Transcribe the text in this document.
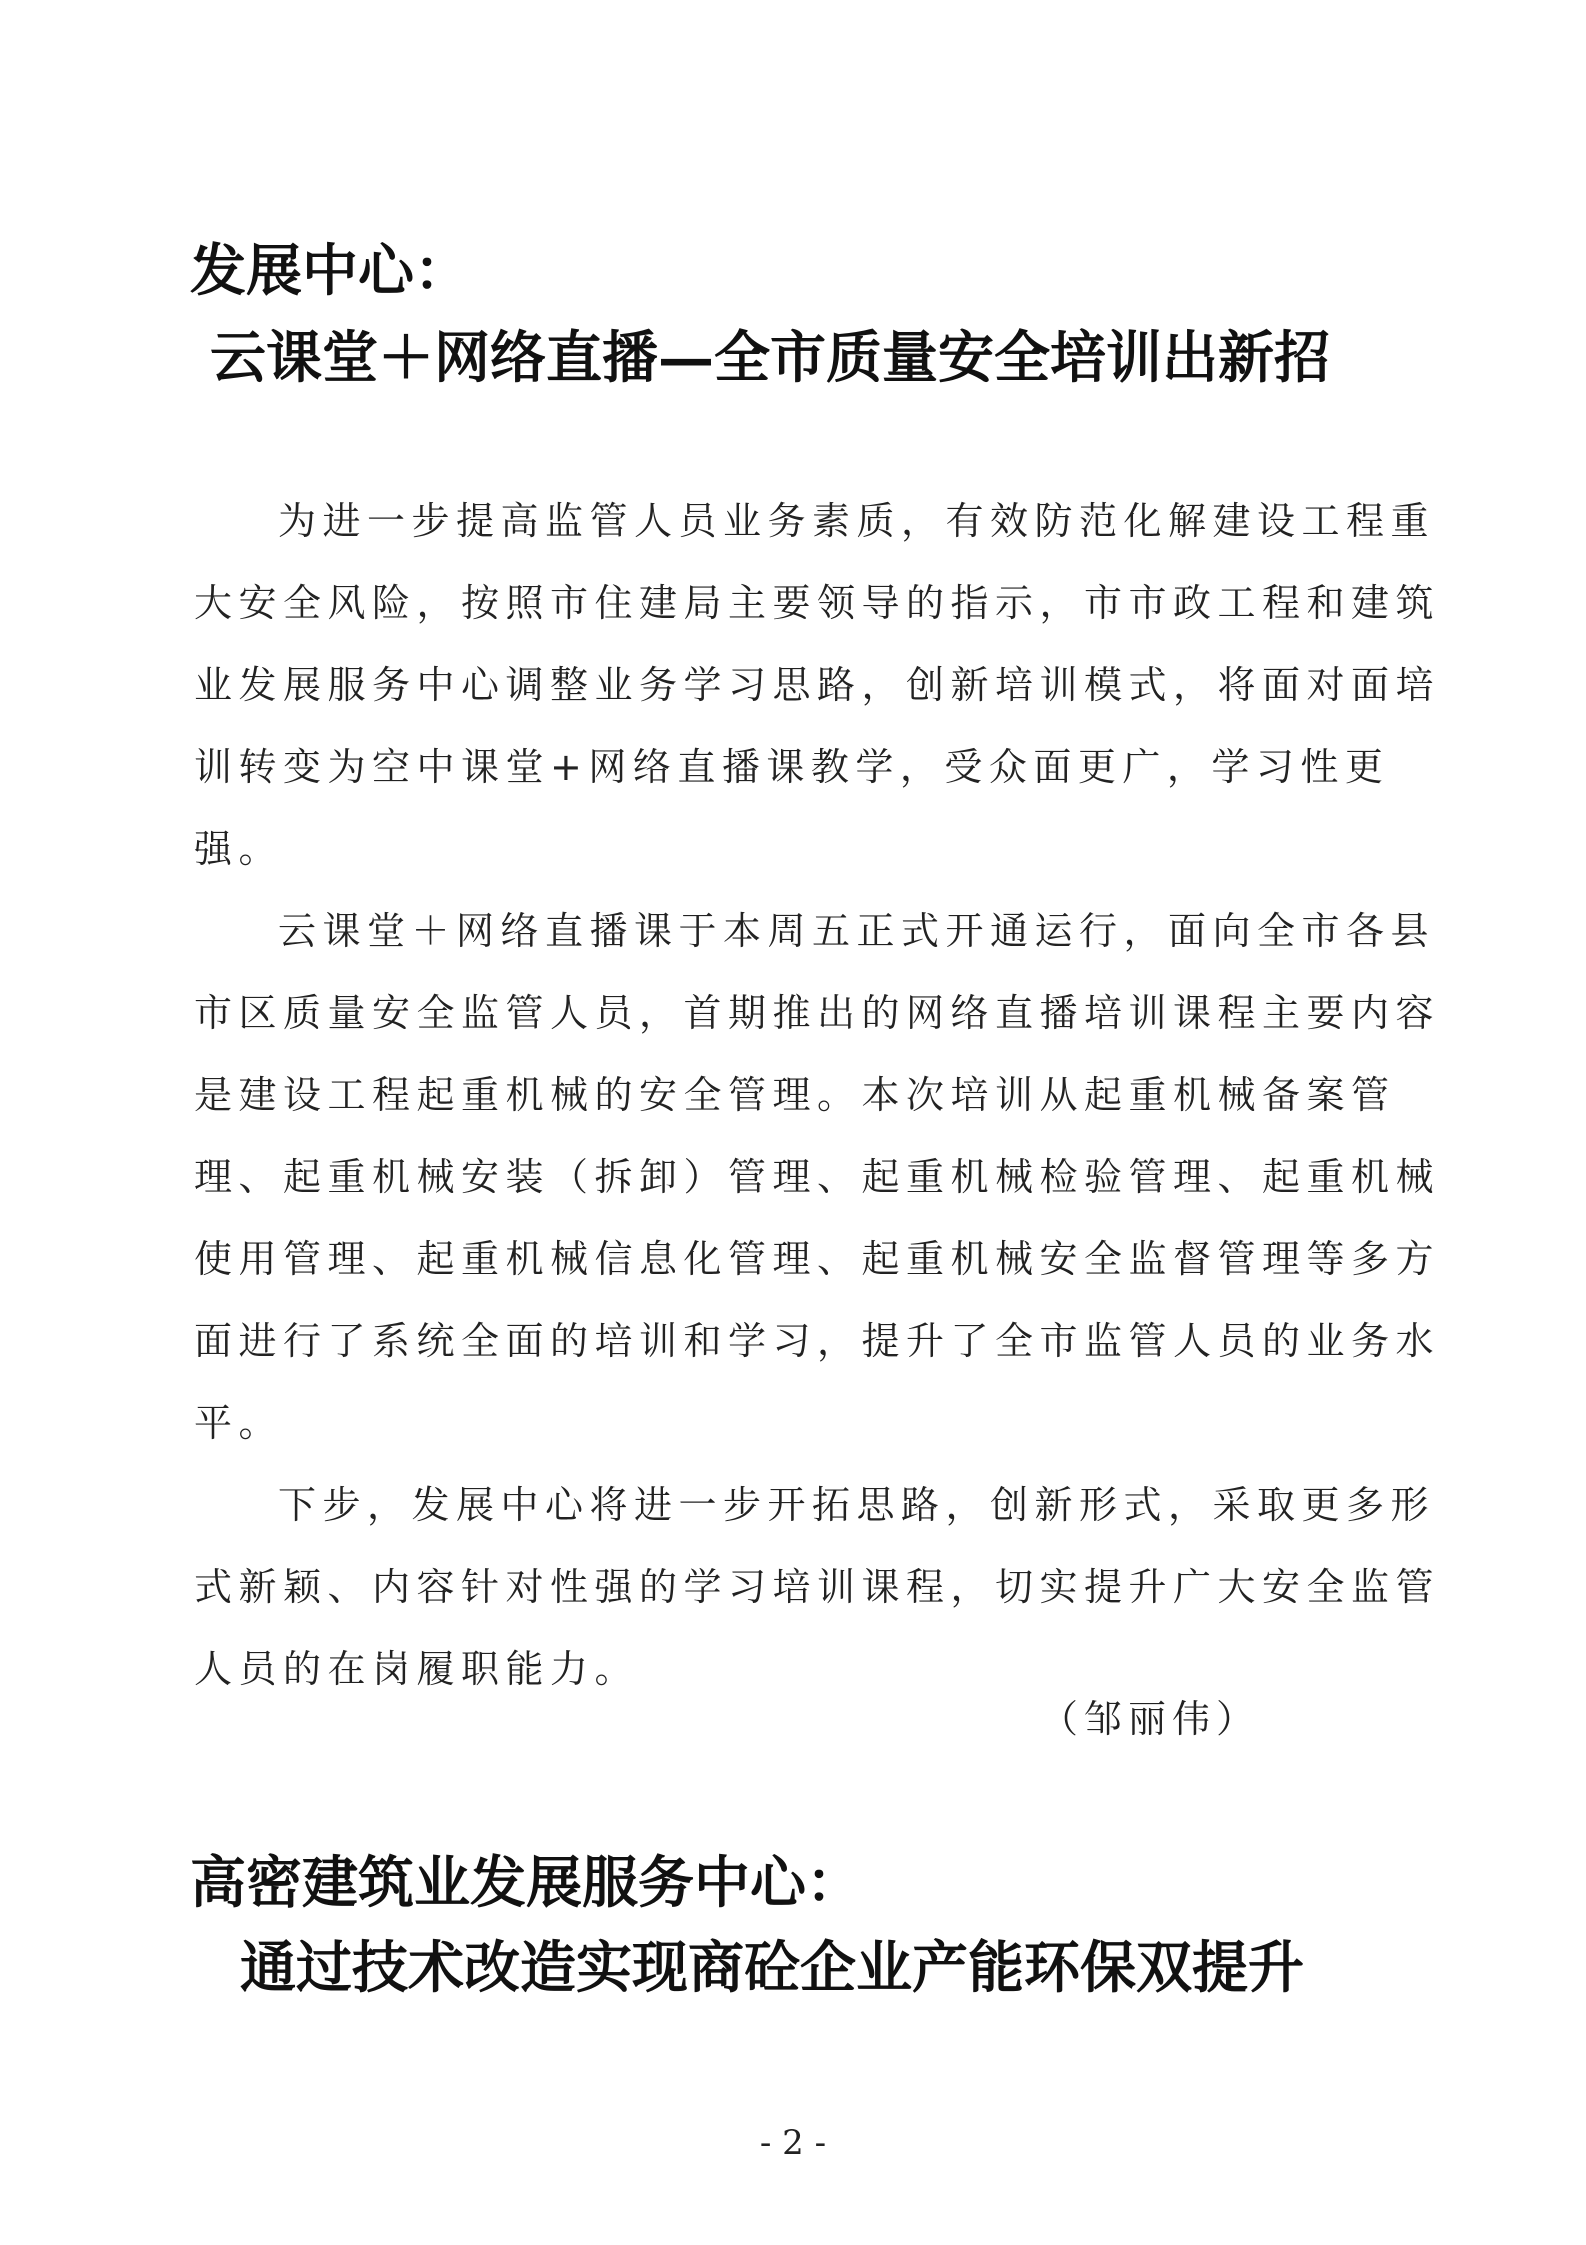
发展中心：
云课堂＋网络直播—全市质量安全培训出新招
为进一步提高监管人员业务素质，有效防范化解建设工程重
大安全风险，按照市住建局主要领导的指示，市市政工程和建筑
业发展服务中心调整业务学习思路，创新培训模式，将面对面培
训转变为空中课堂+网络直播课教学，受众面更广，学习性更
强。
云课堂＋网络直播课于本周五正式开通运行，面向全市各县
市区质量安全监管人员，首期推出的网络直播培训课程主要内容
是建设工程起重机械的安全管理。本次培训从起重机械备案管
理、起重机械安装（拆卸）管理、起重机械检验管理、起重机械
使用管理、起重机械信息化管理、起重机械安全监督管理等多方
面进行了系统全面的培训和学习，提升了全市监管人员的业务水
平。
下步，发展中心将进一步开拓思路，创新形式，采取更多形
式新颖、内容针对性强的学习培训课程，切实提升广大安全监管
人员的在岗履职能力。
（邹丽伟）
高密建筑业发展服务中心：
通过技术改造实现商砼企业产能环保双提升
- 2 -
